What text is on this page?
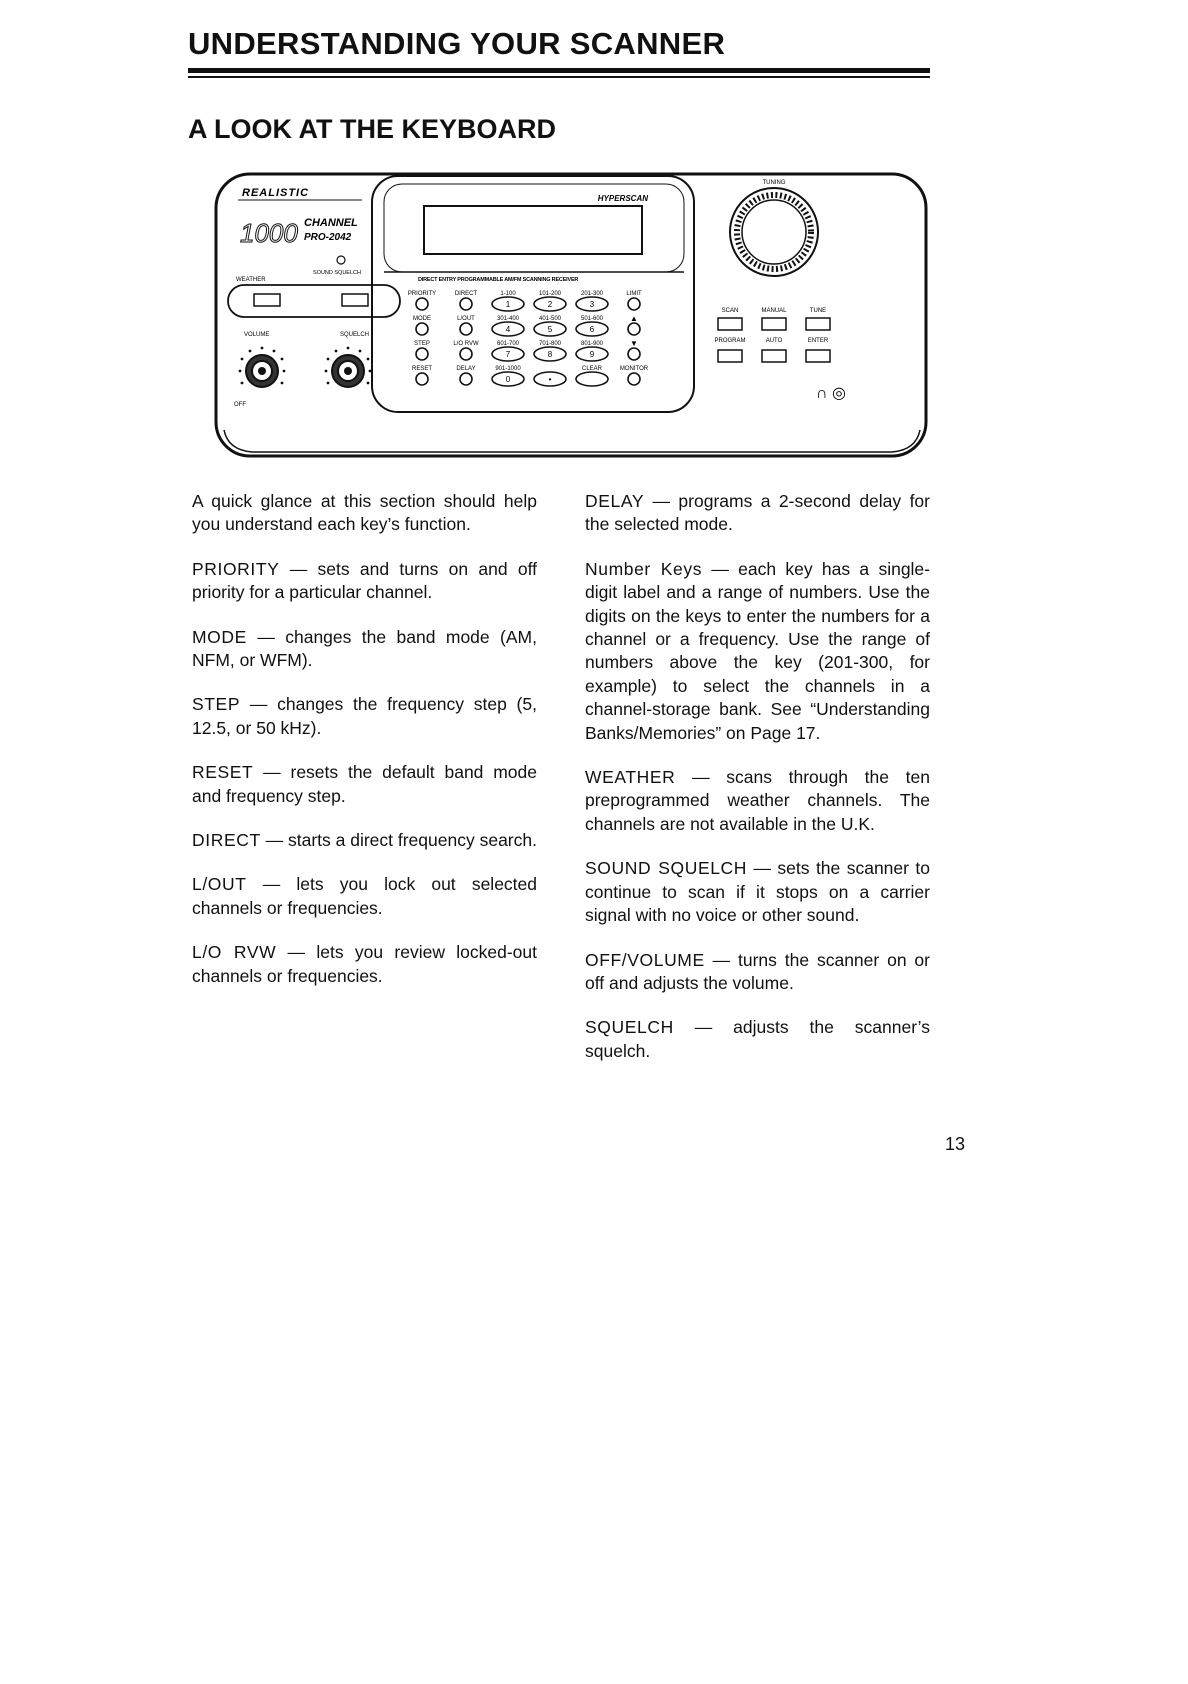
UNDERSTANDING YOUR SCANNER
A LOOK AT THE KEYBOARD
REALISTIC
1000 CHANNEL
PRO-2042
SOUND SQUELCH
WEATHER
VOLUME	SQUELCH
OFF
HYPERSCAN
DIRECT ENTRY PROGRAMMABLE AM/FM SCANNING RECEIVER
PRIORITY	DIRECT	1-100	101-200	201-300	LIMIT
MODE	L/OUT	301-400	401-500	501-600	▲
STEP	L/O RVW	601-700	701-800	801-900	▼
RESET	DELAY	901-1000	CLEAR	MONITOR
1	2	3
4	5	6
7	8	9
0	•
TUNING
SCAN	MANUAL	TUNE
PROGRAM	AUTO	ENTER
∩ ◎

A quick glance at this section should help you understand each key’s function.

PRIORITY — sets and turns on and off priority for a particular channel.

MODE — changes the band mode (AM, NFM, or WFM).

STEP — changes the frequency step (5, 12.5, or 50 kHz).

RESET — resets the default band mode and frequency step.

DIRECT — starts a direct frequency search.

L/OUT — lets you lock out selected channels or frequencies.

L/O RVW — lets you review locked-out channels or frequencies.

DELAY — programs a 2-second delay for the selected mode.

Number Keys — each key has a single-digit label and a range of numbers. Use the digits on the keys to enter the numbers for a channel or a frequency. Use the range of numbers above the key (201-300, for example) to select the channels in a channel-storage bank. See “Understanding Banks/Memories” on Page 17.

WEATHER — scans through the ten preprogrammed weather channels. The channels are not available in the U.K.

SOUND SQUELCH — sets the scanner to continue to scan if it stops on a carrier signal with no voice or other sound.

OFF/VOLUME — turns the scanner on or off and adjusts the volume.

SQUELCH — adjusts the scanner’s squelch.

13
